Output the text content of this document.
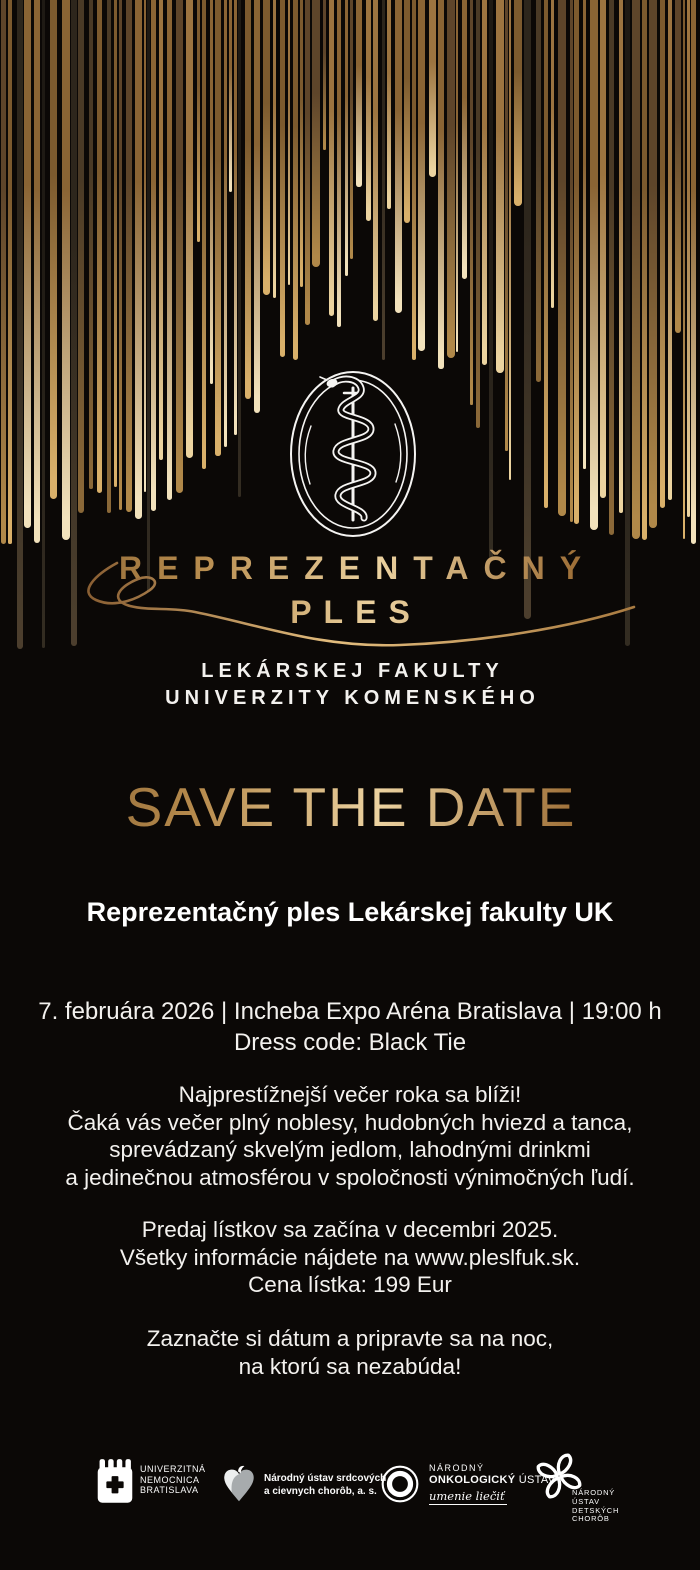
REPREZENTAČNÝ
PLES
LEKÁRSKEJ FAKULTY
UNIVERZITY KOMENSKÉHO
SAVE THE DATE
Reprezentačný ples Lekárskej fakulty UK
7. februára 2026 | Incheba Expo Aréna Bratislava | 19:00 h
Dress code: Black Tie
Najprestížnejší večer roka sa blíži!
Čaká vás večer plný noblesy, hudobných hviezd a tanca,
sprevádzaný skvelým jedlom, lahodnými drinkmi
a jedinečnou atmosférou v spoločnosti výnimočných ľudí.
Predaj lístkov sa začína v decembri 2025.
Všetky informácie nájdete na www.pleslfuk.sk.
Cena lístka: 199 Eur
Zaznačte si dátum a pripravte sa na noc,
na ktorú sa nezabúda!
UNIVERZITNÁ
NEMOCNICA
BRATISLAVA
Národný ústav srdcových
a cievnych chorôb, a. s.
NÁRODNÝ
ONKOLOGICKÝ ÚSTAV
umenie liečiť	NÁRODNÝ
ÚSTAV
DETSKÝCH
CHORÔB
